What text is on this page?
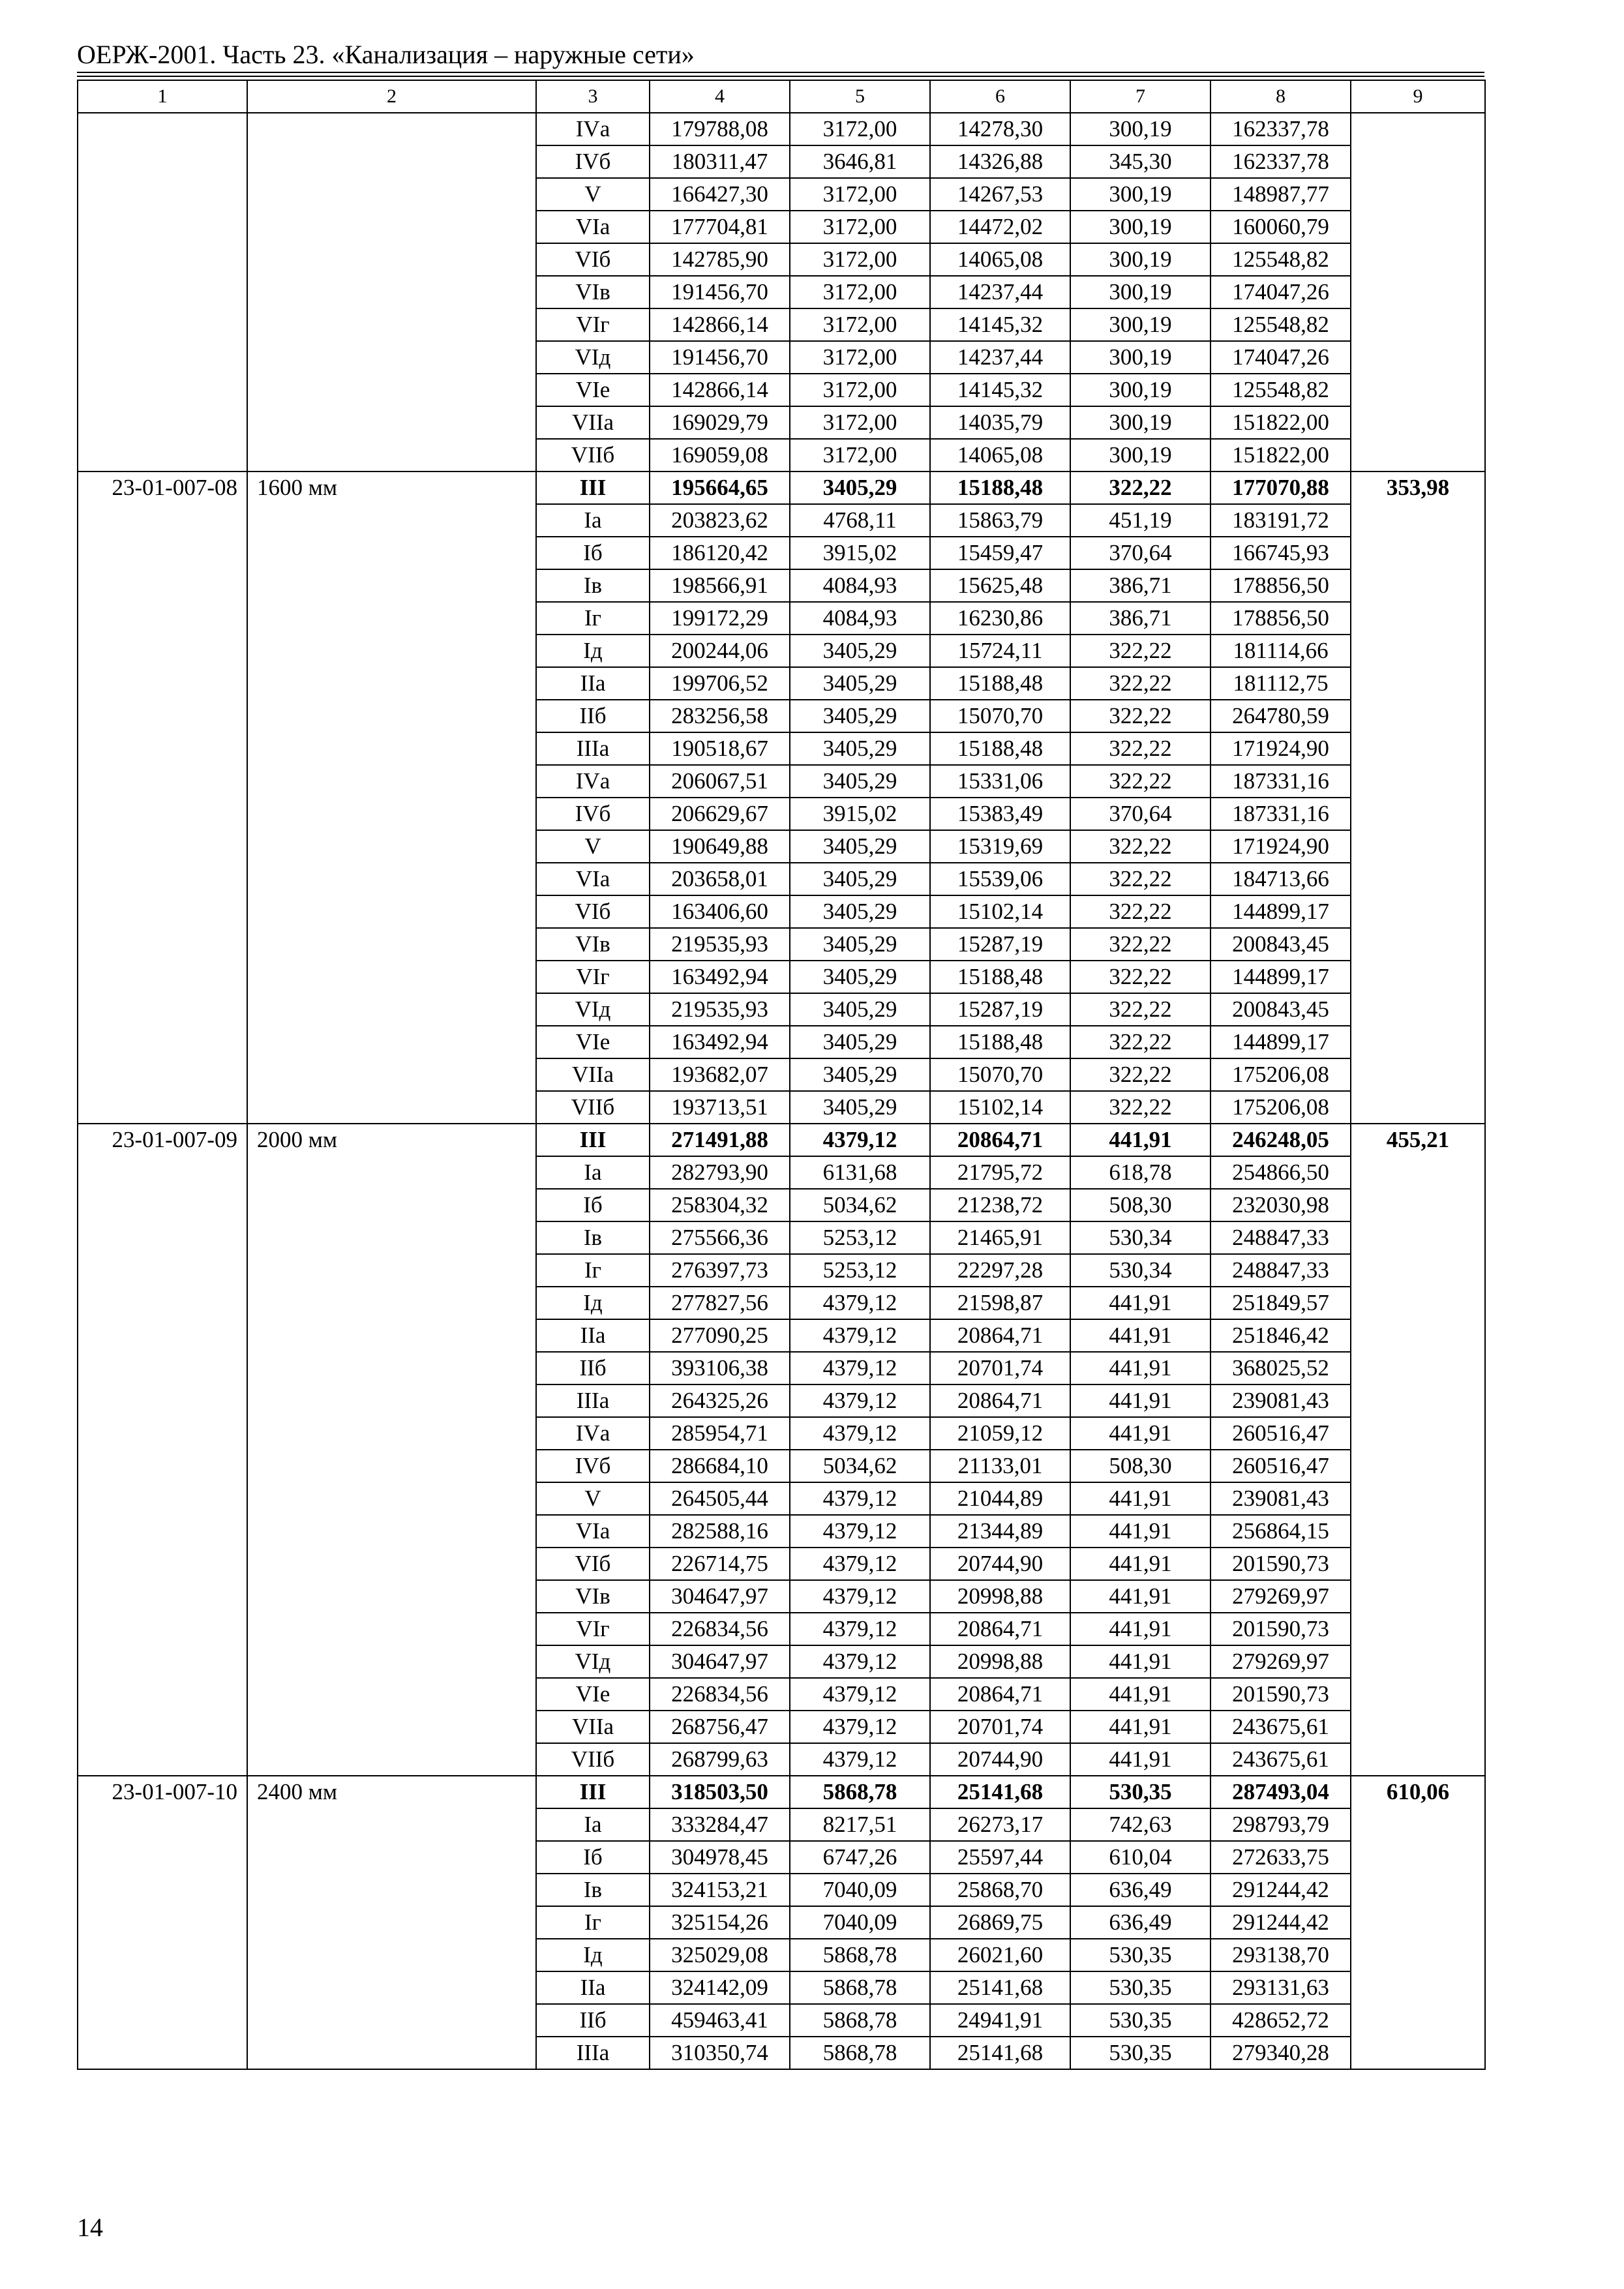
ОЕРЖ-2001. Часть 23. «Канализация – наружные сети»
1	2	3	4	5	6	7	8	9
		IVа	179788,08	3172,00	14278,30	300,19	162337,78	
		IVб	180311,47	3646,81	14326,88	345,30	162337,78	
		V	166427,30	3172,00	14267,53	300,19	148987,77	
		VIа	177704,81	3172,00	14472,02	300,19	160060,79	
		VIб	142785,90	3172,00	14065,08	300,19	125548,82	
		VIв	191456,70	3172,00	14237,44	300,19	174047,26	
		VIг	142866,14	3172,00	14145,32	300,19	125548,82	
		VIд	191456,70	3172,00	14237,44	300,19	174047,26	
		VIе	142866,14	3172,00	14145,32	300,19	125548,82	
		VIIа	169029,79	3172,00	14035,79	300,19	151822,00	
		VIIб	169059,08	3172,00	14065,08	300,19	151822,00	
23-01-007-08	1600 мм	III	195664,65	3405,29	15188,48	322,22	177070,88	353,98
		Iа	203823,62	4768,11	15863,79	451,19	183191,72	
		Iб	186120,42	3915,02	15459,47	370,64	166745,93	
		Iв	198566,91	4084,93	15625,48	386,71	178856,50	
		Iг	199172,29	4084,93	16230,86	386,71	178856,50	
		Iд	200244,06	3405,29	15724,11	322,22	181114,66	
		IIа	199706,52	3405,29	15188,48	322,22	181112,75	
		IIб	283256,58	3405,29	15070,70	322,22	264780,59	
		IIIа	190518,67	3405,29	15188,48	322,22	171924,90	
		IVа	206067,51	3405,29	15331,06	322,22	187331,16	
		IVб	206629,67	3915,02	15383,49	370,64	187331,16	
		V	190649,88	3405,29	15319,69	322,22	171924,90	
		VIа	203658,01	3405,29	15539,06	322,22	184713,66	
		VIб	163406,60	3405,29	15102,14	322,22	144899,17	
		VIв	219535,93	3405,29	15287,19	322,22	200843,45	
		VIг	163492,94	3405,29	15188,48	322,22	144899,17	
		VIд	219535,93	3405,29	15287,19	322,22	200843,45	
		VIе	163492,94	3405,29	15188,48	322,22	144899,17	
		VIIа	193682,07	3405,29	15070,70	322,22	175206,08	
		VIIб	193713,51	3405,29	15102,14	322,22	175206,08	
23-01-007-09	2000 мм	III	271491,88	4379,12	20864,71	441,91	246248,05	455,21
		Iа	282793,90	6131,68	21795,72	618,78	254866,50	
		Iб	258304,32	5034,62	21238,72	508,30	232030,98	
		Iв	275566,36	5253,12	21465,91	530,34	248847,33	
		Iг	276397,73	5253,12	22297,28	530,34	248847,33	
		Iд	277827,56	4379,12	21598,87	441,91	251849,57	
		IIа	277090,25	4379,12	20864,71	441,91	251846,42	
		IIб	393106,38	4379,12	20701,74	441,91	368025,52	
		IIIа	264325,26	4379,12	20864,71	441,91	239081,43	
		IVа	285954,71	4379,12	21059,12	441,91	260516,47	
		IVб	286684,10	5034,62	21133,01	508,30	260516,47	
		V	264505,44	4379,12	21044,89	441,91	239081,43	
		VIа	282588,16	4379,12	21344,89	441,91	256864,15	
		VIб	226714,75	4379,12	20744,90	441,91	201590,73	
		VIв	304647,97	4379,12	20998,88	441,91	279269,97	
		VIг	226834,56	4379,12	20864,71	441,91	201590,73	
		VIд	304647,97	4379,12	20998,88	441,91	279269,97	
		VIе	226834,56	4379,12	20864,71	441,91	201590,73	
		VIIа	268756,47	4379,12	20701,74	441,91	243675,61	
		VIIб	268799,63	4379,12	20744,90	441,91	243675,61	
23-01-007-10	2400 мм	III	318503,50	5868,78	25141,68	530,35	287493,04	610,06
		Iа	333284,47	8217,51	26273,17	742,63	298793,79	
		Iб	304978,45	6747,26	25597,44	610,04	272633,75	
		Iв	324153,21	7040,09	25868,70	636,49	291244,42	
		Iг	325154,26	7040,09	26869,75	636,49	291244,42	
		Iд	325029,08	5868,78	26021,60	530,35	293138,70	
		IIа	324142,09	5868,78	25141,68	530,35	293131,63	
		IIб	459463,41	5868,78	24941,91	530,35	428652,72	
		IIIа	310350,74	5868,78	25141,68	530,35	279340,28	
14
